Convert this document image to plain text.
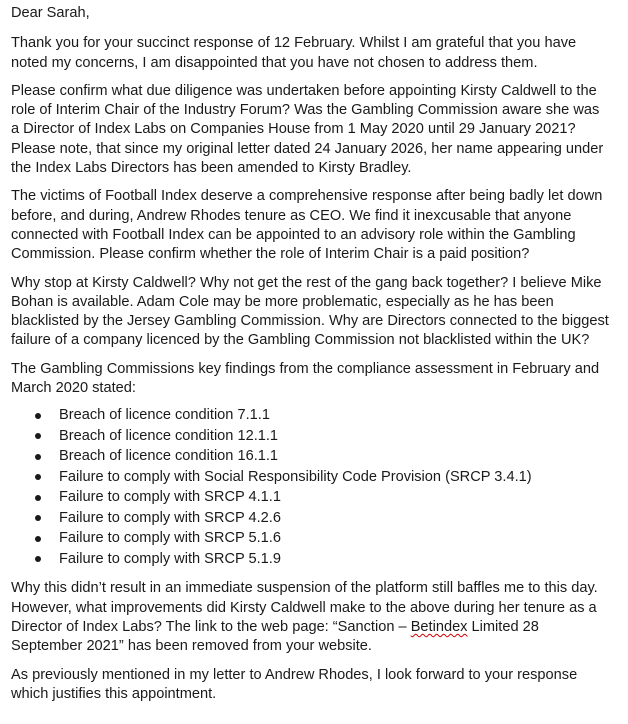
Dear Sarah,

Thank you for your succinct response of 12 February. Whilst I am grateful that you have
noted my concerns, I am disappointed that you have not chosen to address them.

Please confirm what due diligence was undertaken before appointing Kirsty Caldwell to the
role of Interim Chair of the Industry Forum? Was the Gambling Commission aware she was
a Director of Index Labs on Companies House from 1 May 2020 until 29 January 2021?
Please note, that since my original letter dated 24 January 2026, her name appearing under
the Index Labs Directors has been amended to Kirsty Bradley.

The victims of Football Index deserve a comprehensive response after being badly let down
before, and during, Andrew Rhodes tenure as CEO. We find it inexcusable that anyone
connected with Football Index can be appointed to an advisory role within the Gambling
Commission. Please confirm whether the role of Interim Chair is a paid position?

Why stop at Kirsty Caldwell? Why not get the rest of the gang back together? I believe Mike
Bohan is available. Adam Cole may be more problematic, especially as he has been
blacklisted by the Jersey Gambling Commission. Why are Directors connected to the biggest
failure of a company licenced by the Gambling Commission not blacklisted within the UK?

The Gambling Commissions key findings from the compliance assessment in February and
March 2020 stated:

Breach of licence condition 7.1.1
Breach of licence condition 12.1.1
Breach of licence condition 16.1.1
Failure to comply with Social Responsibility Code Provision (SRCP 3.4.1)
Failure to comply with SRCP 4.1.1
Failure to comply with SRCP 4.2.6
Failure to comply with SRCP 5.1.6
Failure to comply with SRCP 5.1.9

Why this didn’t result in an immediate suspension of the platform still baffles me to this day.
However, what improvements did Kirsty Caldwell make to the above during her tenure as a
Director of Index Labs? The link to the web page: “Sanction – Betindex Limited 28
September 2021” has been removed from your website.

As previously mentioned in my letter to Andrew Rhodes, I look forward to your response
which justifies this appointment.
